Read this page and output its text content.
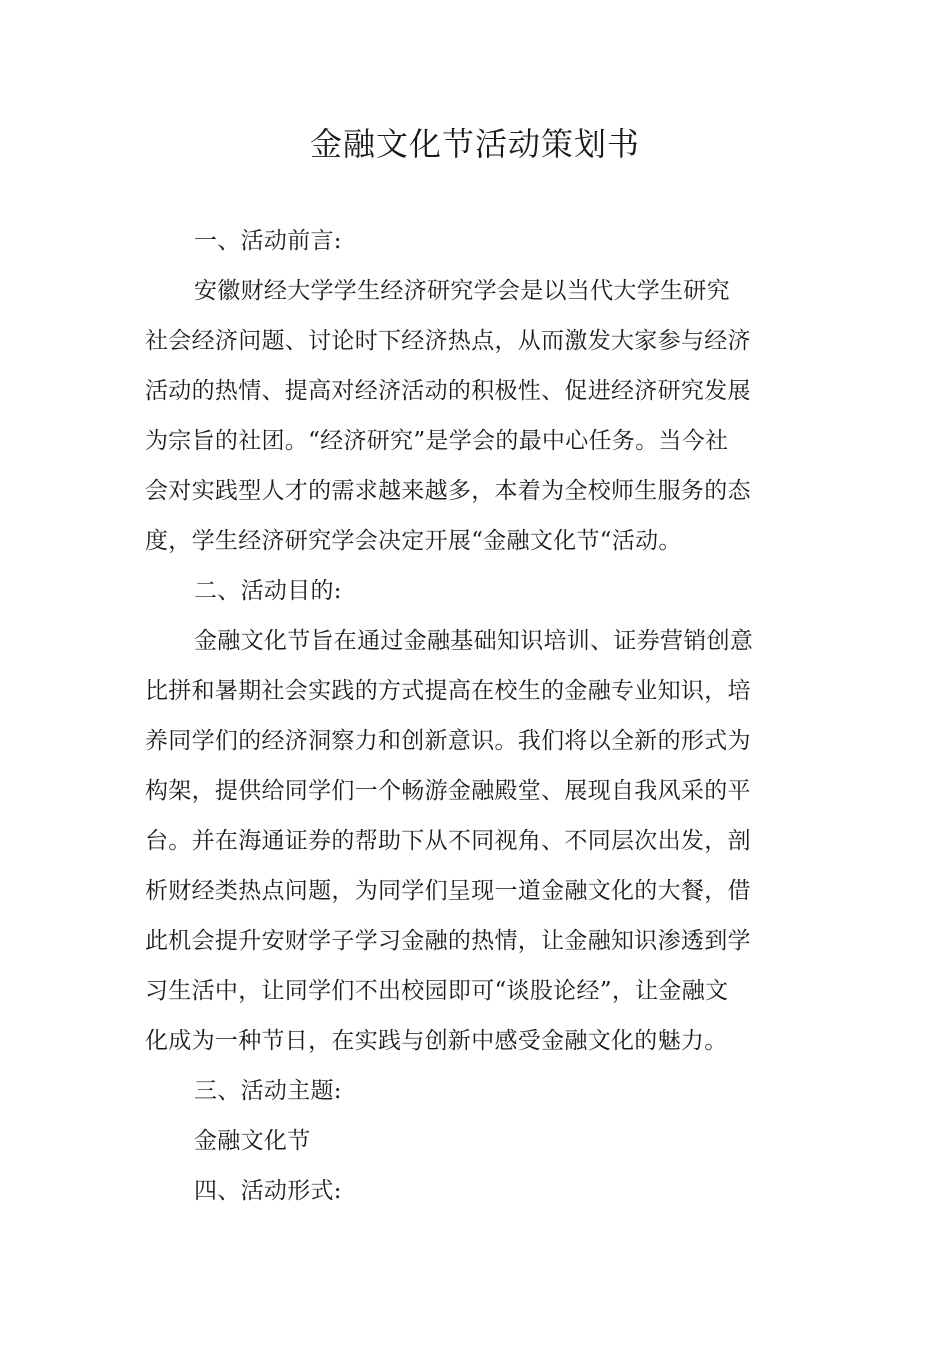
金融文化节活动策划书
一、活动前言:
安徽财经大学学生经济研究学会是以当代大学生研究
社会经济问题、讨论时下经济热点，从而激发大家参与经济
活动的热情、提高对经济活动的积极性、促进经济研究发展
为宗旨的社团。“经济研究”是学会的最中心任务。当今社
会对实践型人才的需求越来越多，本着为全校师生服务的态
度，学生经济研究学会决定开展“金融文化节“活动。
二、活动目的:
金融文化节旨在通过金融基础知识培训、证券营销创意
比拼和暑期社会实践的方式提高在校生的金融专业知识，培
养同学们的经济洞察力和创新意识。我们将以全新的形式为
构架，提供给同学们一个畅游金融殿堂、展现自我风采的平
台。并在海通证券的帮助下从不同视角、不同层次出发，剖
析财经类热点问题，为同学们呈现一道金融文化的大餐，借
此机会提升安财学子学习金融的热情，让金融知识渗透到学
习生活中，让同学们不出校园即可“谈股论经”，让金融文
化成为一种节日，在实践与创新中感受金融文化的魅力。
三、活动主题:
金融文化节
四、活动形式:
